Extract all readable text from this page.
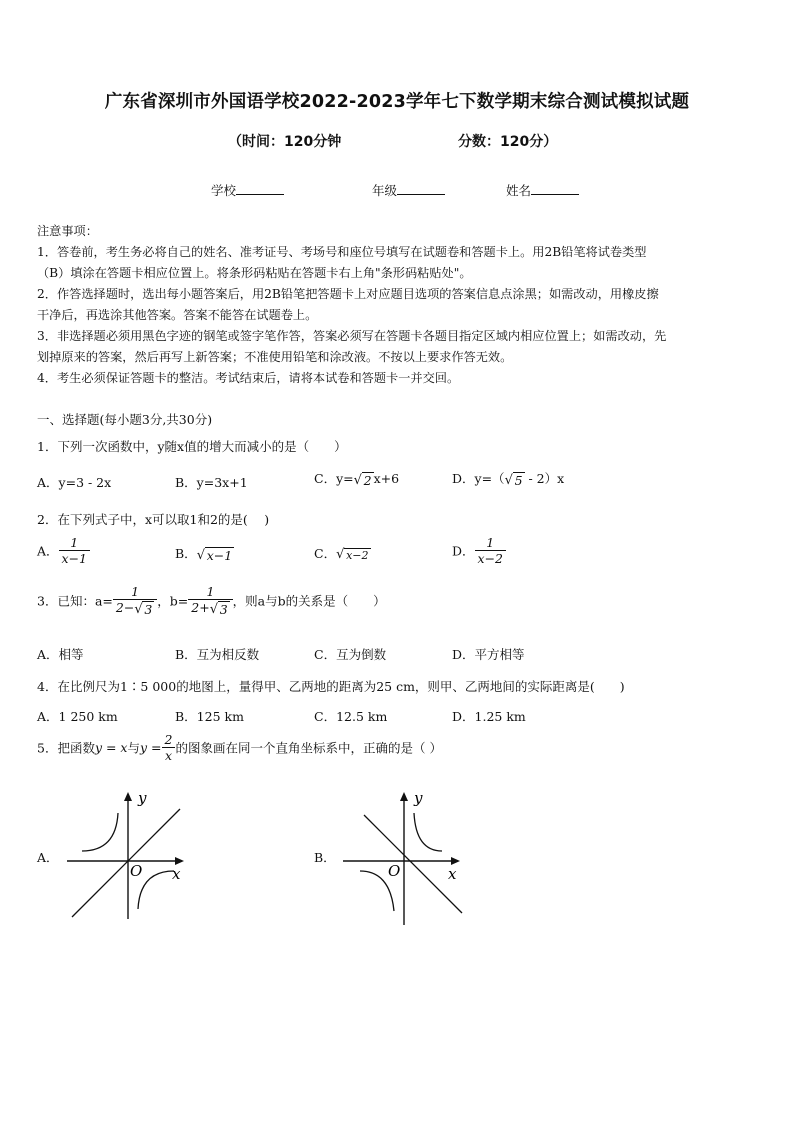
广东省深圳市外国语学校2022-2023学年七下数学期末综合测试模拟试题
（时间：120分钟	分数：120分）
学校	年级	姓名
注意事项：
1．答卷前，考生务必将自己的姓名、准考证号、考场号和座位号填写在试题卷和答题卡上。用2B铅笔将试卷类型
（B）填涂在答题卡相应位置上。将条形码粘贴在答题卡右上角"条形码粘贴处"。
2．作答选择题时，选出每小题答案后，用2B铅笔把答题卡上对应题目选项的答案信息点涂黑；如需改动，用橡皮擦
干净后，再选涂其他答案。答案不能答在试题卷上。
3．非选择题必须用黑色字迹的钢笔或签字笔作答，答案必须写在答题卡各题目指定区域内相应位置上；如需改动，先
划掉原来的答案，然后再写上新答案；不准使用铅笔和涂改液。不按以上要求作答无效。
4．考生必须保证答题卡的整洁。考试结束后，请将本试卷和答题卡一并交回。
一、选择题(每小题3分,共30分)
1．下列一次函数中，y随x值的增大而减小的是（　　）
A．y=3 - 2x	B．y=3x+1	C．y= √ 2 x+6	D．y=（ √ 5 - 2）x
2．在下列式子中，x可以取1和2的是(　 )
A． $\frac{1}{x-1}$	B． √ x−1	C． √ x−2	D． $\frac{1}{x-2}$
3．已知：$a= \frac{1}{2- √ 3}$ ，$b= \frac{1}{2+ √ 3}$ ，则a与b的关系是（　　）
A．相等	B．互为相反数	C．互为倒数	D．平方相等
4．在比例尺为1∶5 000的地图上，量得甲、乙两地的距离为25 cm，则甲、乙两地间的实际距离是(　　)
A．1 250 km	B．125 km	C．12.5 km	D．1.25 km
5．把函数y = x与$y = \frac{2}{x}$ 的图象画在同一个直角坐标系中，正确的是（ ）
A．
y
x
O
B．
y
x
O
